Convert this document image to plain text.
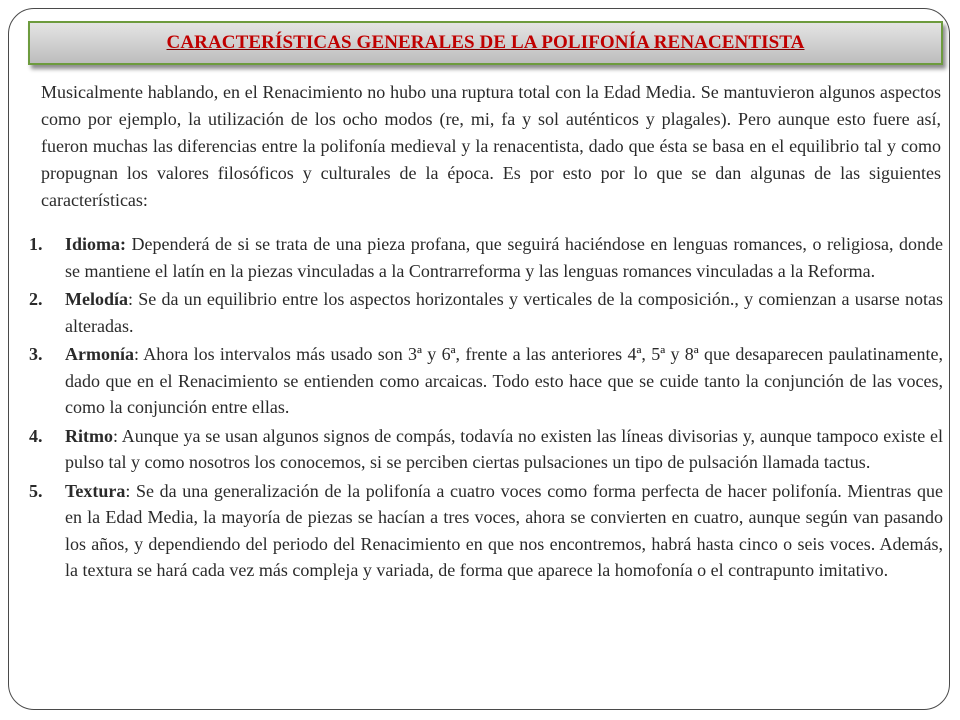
CARACTERÍSTICAS GENERALES DE LA POLIFONÍA RENACENTISTA

Musicalmente hablando, en el Renacimiento no hubo una ruptura total con la Edad Media. Se mantuvieron algunos aspectos como por ejemplo, la utilización de los ocho modos (re, mi, fa y sol auténticos y plagales). Pero aunque esto fuere así, fueron muchas las diferencias entre la polifonía medieval y la renacentista, dado que ésta se basa en el equilibrio tal y como propugnan los valores filosóficos y culturales de la época. Es por esto por lo que se dan algunas de las siguientes características:

1. Idioma: Dependerá de si se trata de una pieza profana, que seguirá haciéndose en lenguas romances, o religiosa, donde se mantiene el latín en la piezas vinculadas a la Contrarreforma y las lenguas romances vinculadas a la Reforma.
2. Melodía: Se da un equilibrio entre los aspectos horizontales y verticales de la composición., y comienzan a usarse notas alteradas.
3. Armonía: Ahora los intervalos más usado son 3ª y 6ª, frente a las anteriores 4ª, 5ª y 8ª que desaparecen paulatinamente, dado que en el Renacimiento se entienden como arcaicas. Todo esto hace que se cuide tanto la conjunción de las voces, como la conjunción entre ellas.
4. Ritmo: Aunque ya se usan algunos signos de compás, todavía no existen las líneas divisorias y, aunque tampoco existe el pulso tal y como nosotros los conocemos, si se perciben ciertas pulsaciones un tipo de pulsación llamada tactus.
5. Textura: Se da una generalización de la polifonía a cuatro voces como forma perfecta de hacer polifonía. Mientras que en la Edad Media, la mayoría de piezas se hacían a tres voces, ahora se convierten en cuatro, aunque según van pasando los años, y dependiendo del periodo del Renacimiento en que nos encontremos, habrá hasta cinco o seis voces. Además, la textura se hará cada vez más compleja y variada, de forma que aparece la homofonía o el contrapunto imitativo.
